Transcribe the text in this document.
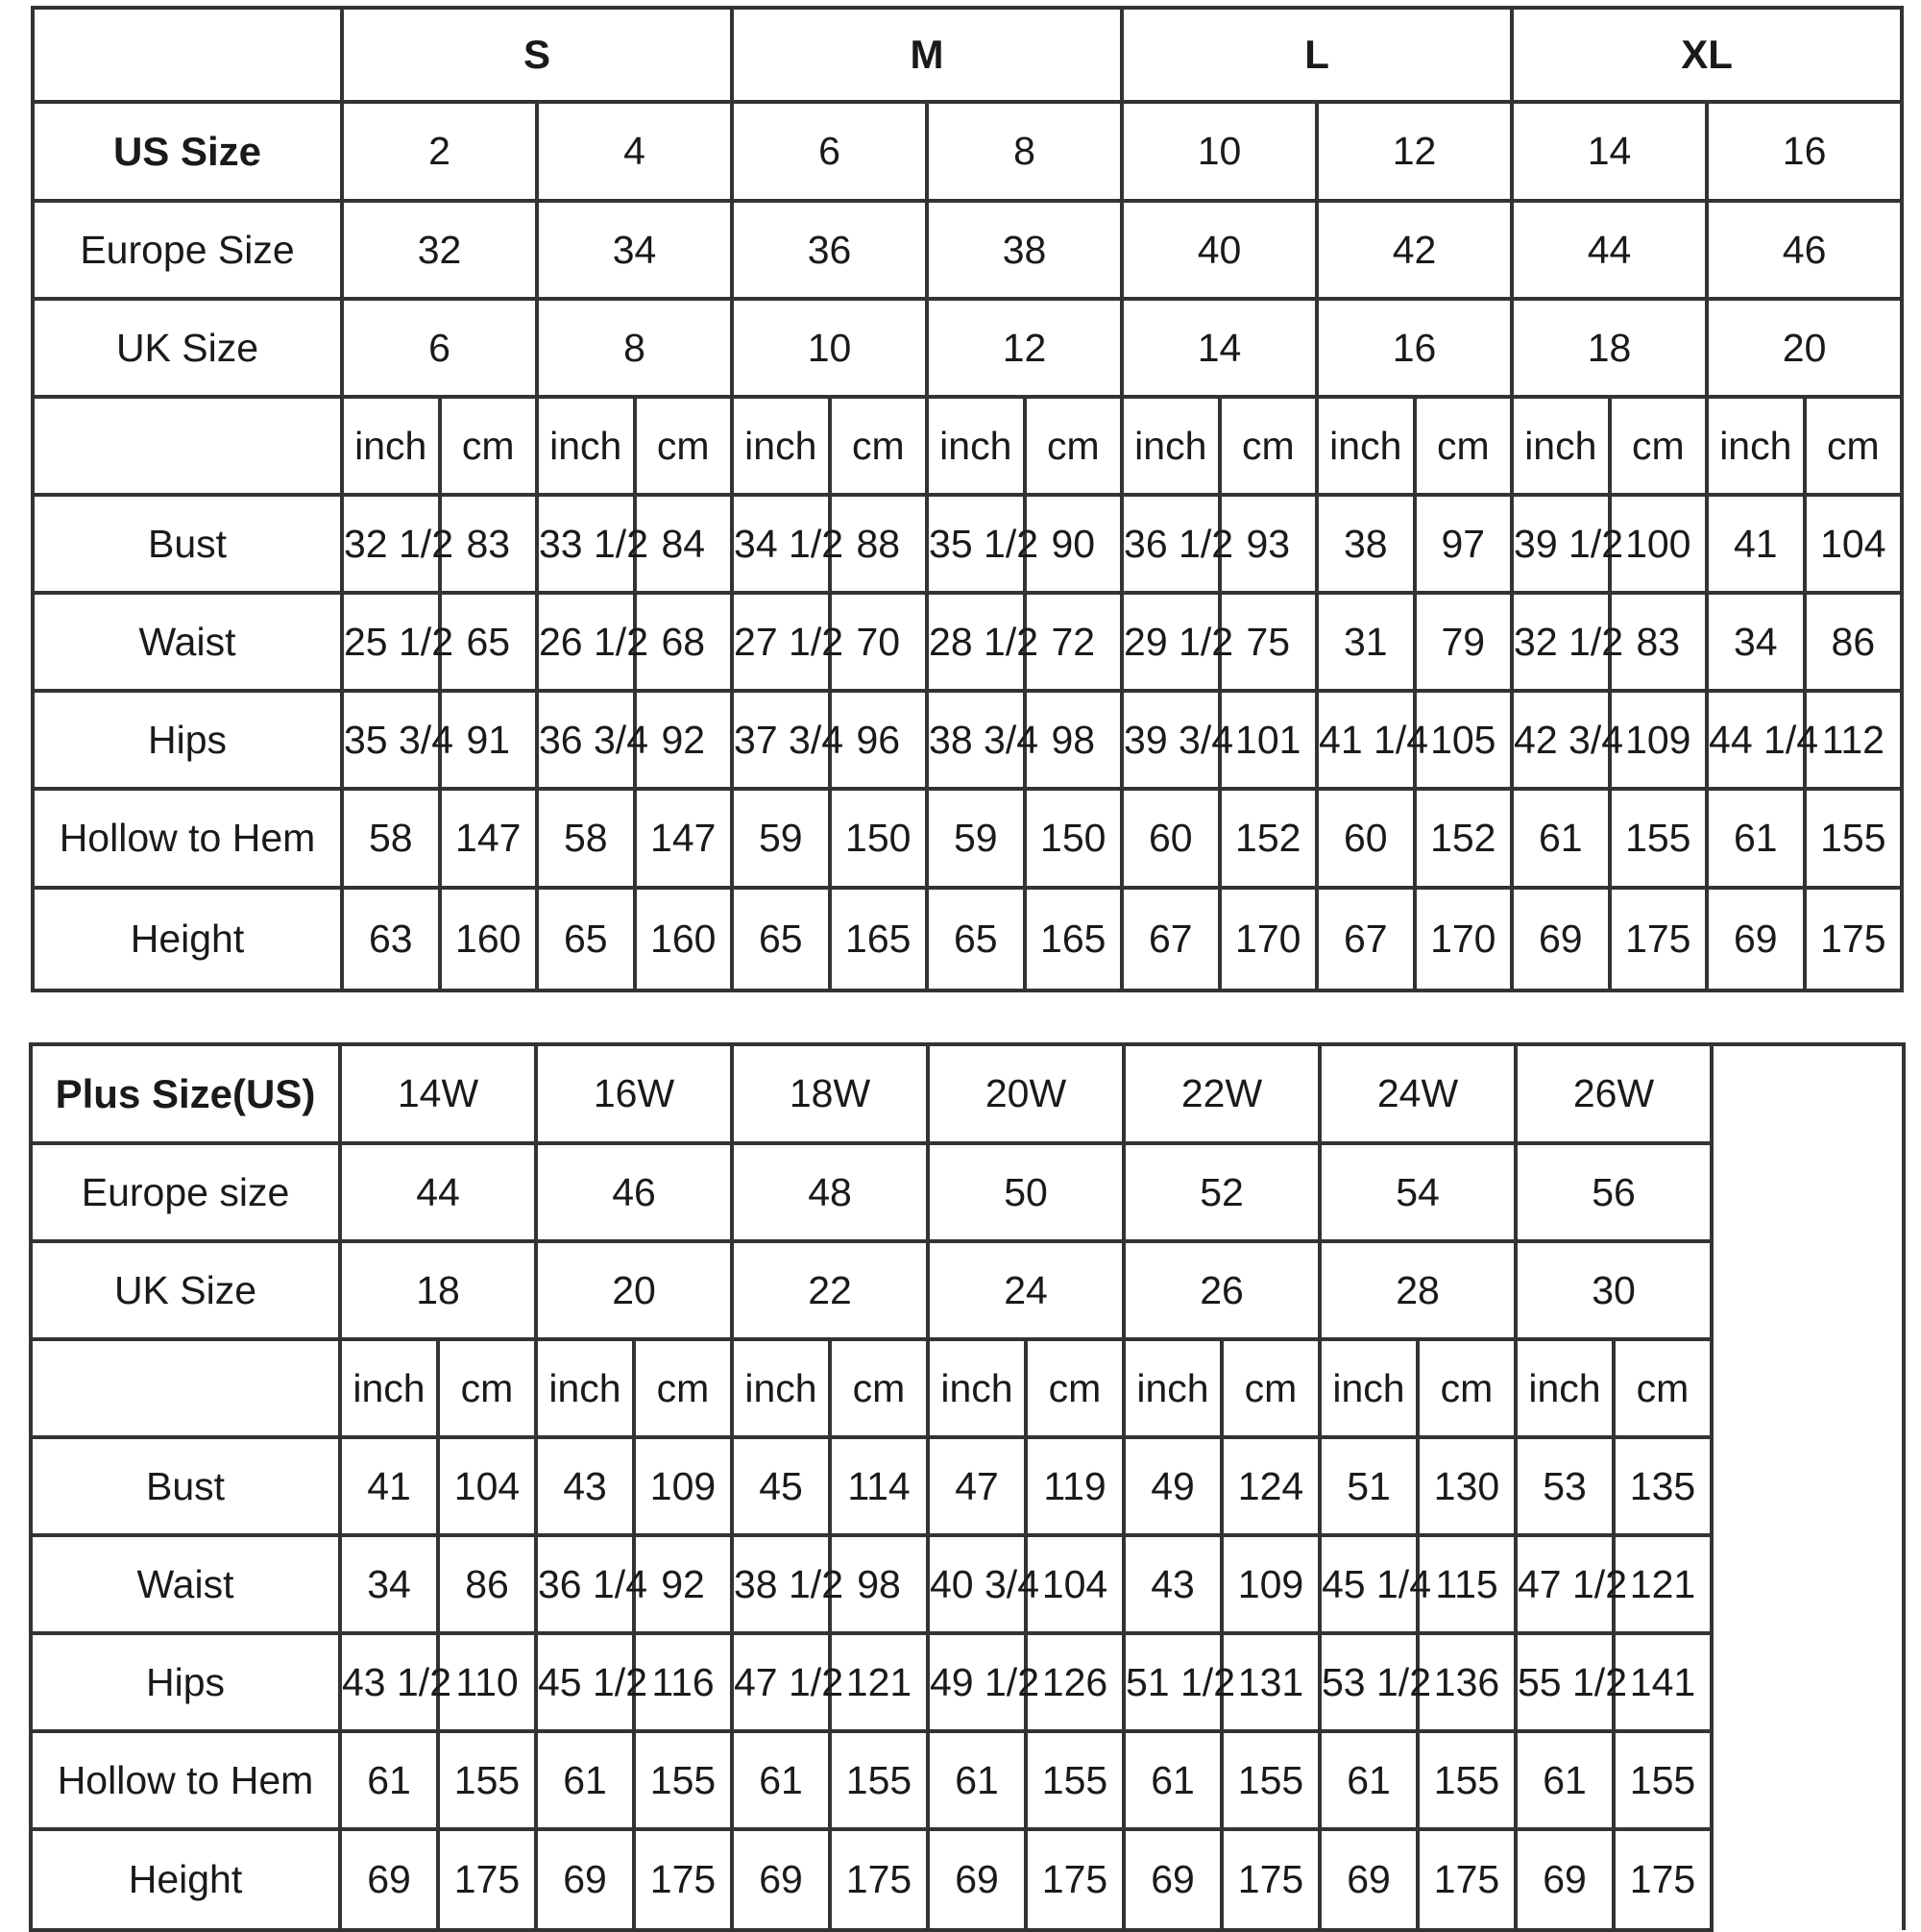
	S				M				L				XL			
US Size	2		4		6		8		10		12		14		16	
Europe Size	32		34		36		38		40		42		44		46	
UK Size	6		8		10		12		14		16		18		20	
	inch	cm	inch	cm	inch	cm	inch	cm	inch	cm	inch	cm	inch	cm	inch	cm
Bust	32 1/2	83	33 1/2	84	34 1/2	88	35 1/2	90	36 1/2	93	38	97	39 1/2	100	41	104
Waist	25 1/2	65	26 1/2	68	27 1/2	70	28 1/2	72	29 1/2	75	31	79	32 1/2	83	34	86
Hips	35 3/4	91	36 3/4	92	37 3/4	96	38 3/4	98	39 3/4	101	41 1/4	105	42 3/4	109	44 1/4	112
Hollow to Hem	58	147	58	147	59	150	59	150	60	152	60	152	61	155	61	155
Height	63	160	65	160	65	165	65	165	67	170	67	170	69	175	69	175
Plus Size(US)	14W		16W		18W		20W		22W		24W		26W		
Europe size	44		46		48		50		52		54		56		
UK Size	18		20		22		24		26		28		30		
	inch	cm	inch	cm	inch	cm	inch	cm	inch	cm	inch	cm	inch	cm	
Bust	41	104	43	109	45	114	47	119	49	124	51	130	53	135	
Waist	34	86	36 1/4	92	38 1/2	98	40 3/4	104	43	109	45 1/4	115	47 1/2	121	
Hips	43 1/2	110	45 1/2	116	47 1/2	121	49 1/2	126	51 1/2	131	53 1/2	136	55 1/2	141	
Hollow to Hem	61	155	61	155	61	155	61	155	61	155	61	155	61	155	
Height	69	175	69	175	69	175	69	175	69	175	69	175	69	175	
